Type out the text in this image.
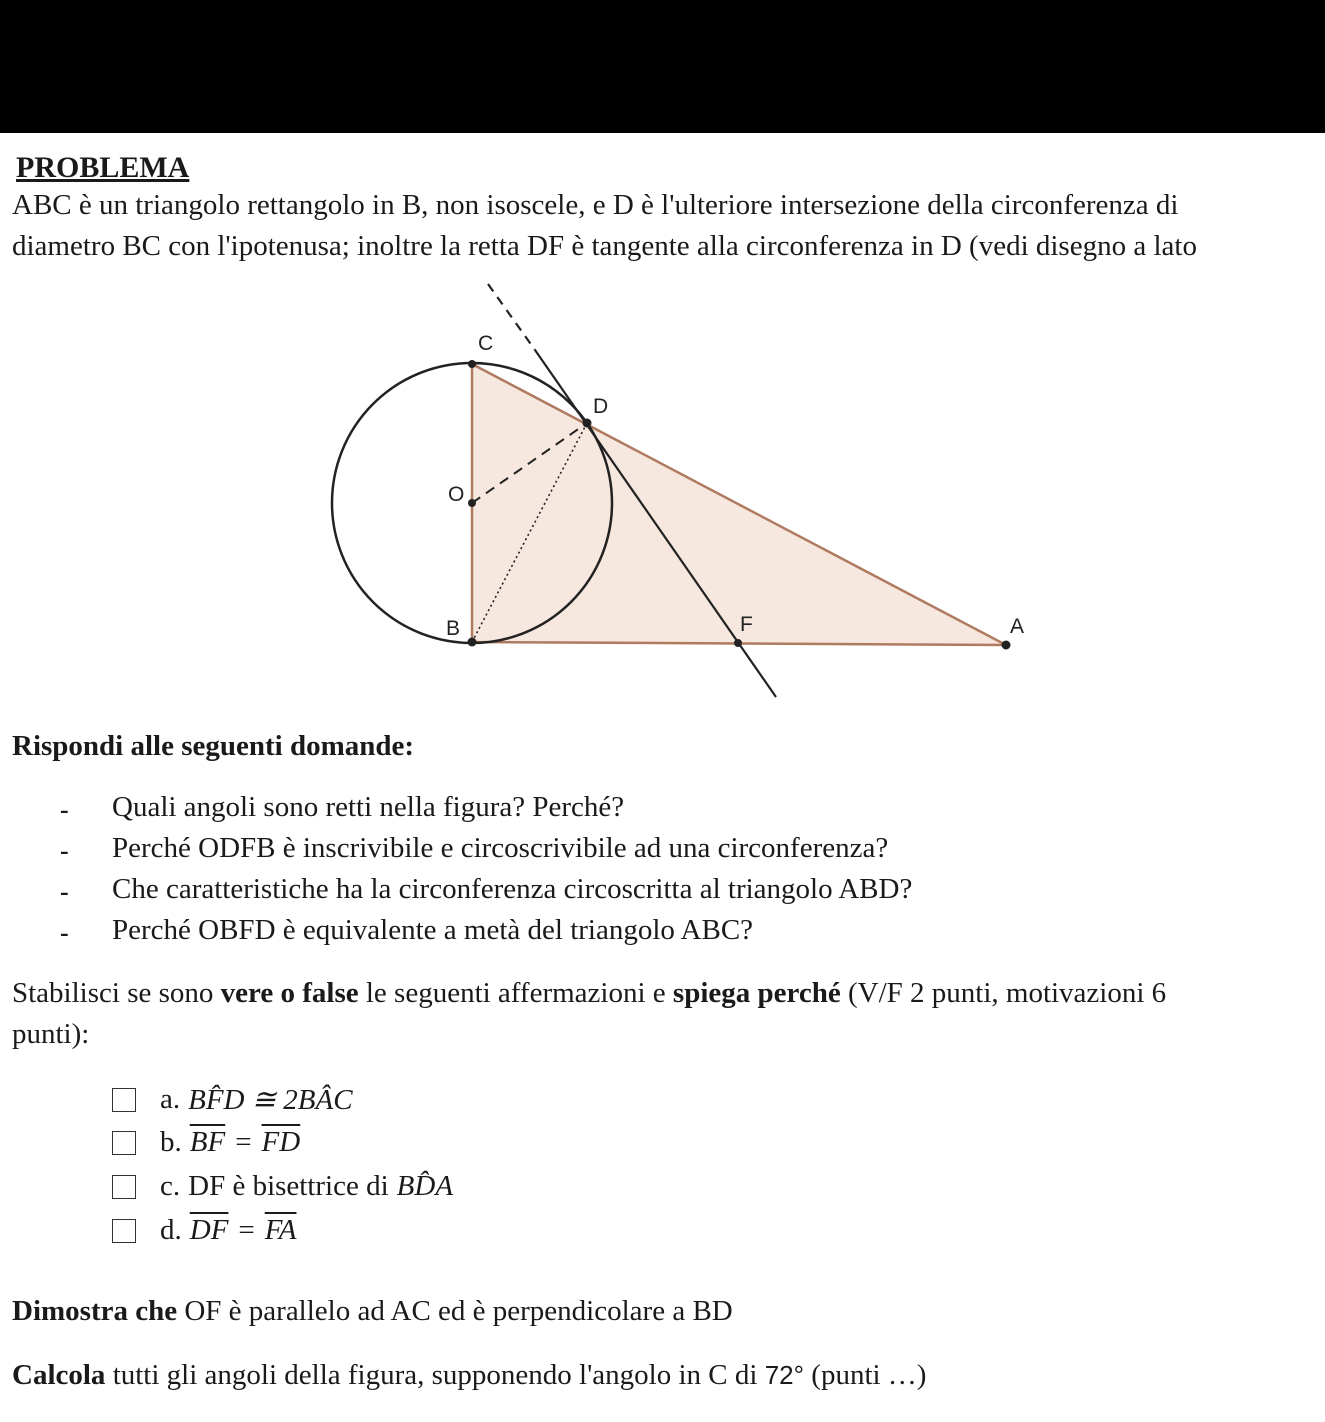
PROBLEMA
ABC è un triangolo rettangolo in B, non isoscele, e D è l'ulteriore intersezione della circonferenza di
diametro BC con l'ipotenusa; inoltre la retta DF è tangente alla circonferenza in D (vedi disegno a lato
C
D
O
B	F	A
Rispondi alle seguenti domande:
- Quali angoli sono retti nella figura? Perché?
- Perché ODFB è inscrivibile e circoscrivibile ad una circonferenza?
- Che caratteristiche ha la circonferenza circoscritta al triangolo ABD?
- Perché OBFD è equivalente a metà del triangolo ABC?
Stabilisci se sono vere o false le seguenti affermazioni e spiega perché (V/F 2 punti, motivazioni 6
punti):
a. BF̂D ≅ 2BÂC
b. $\overline{BF} = \overline{FD}$
c. DF è bisettrice di BD̂A
d. $\overline{DF} = \overline{FA}$
Dimostra che OF è parallelo ad AC ed è perpendicolare a BD
Calcola tutti gli angoli della figura, supponendo l'angolo in C di 72° (punti …)
